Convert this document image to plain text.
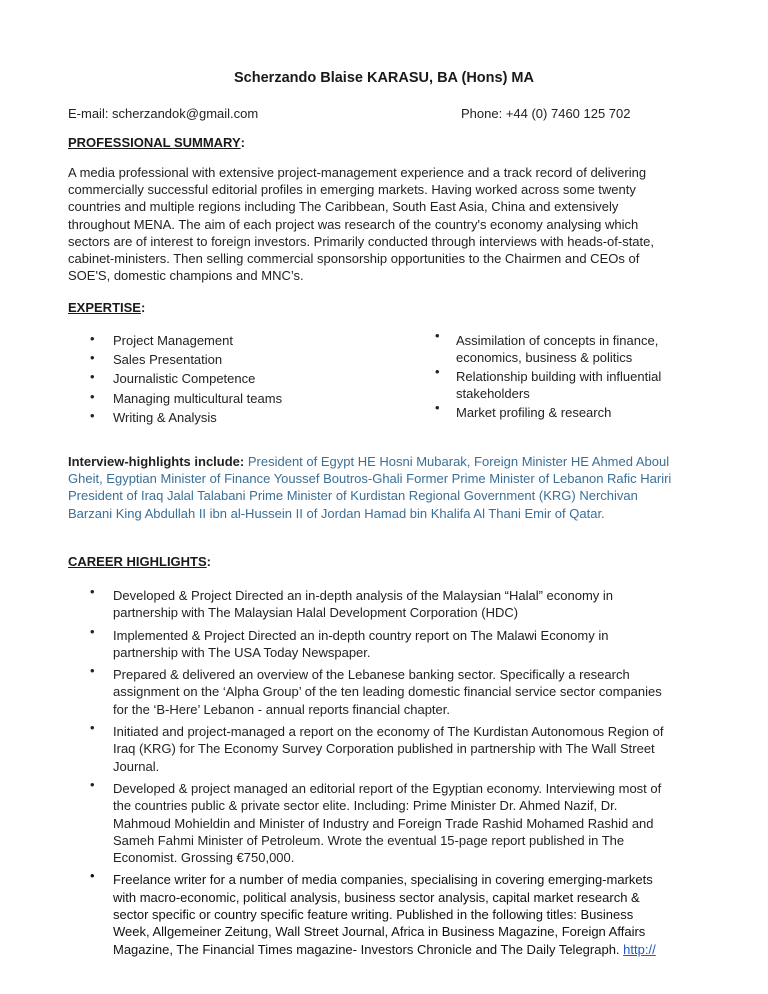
Scherzando Blaise KARASU, BA (Hons) MA
E-mail: scherzandok@gmail.com	Phone: +44 (0) 7460 125 702
PROFESSIONAL SUMMARY:
A media professional with extensive project-management experience and a track record of delivering
commercially successful editorial profiles in emerging markets. Having worked across some twenty
countries and multiple regions including The Caribbean, South East Asia, China and extensively
throughout MENA. The aim of each project was research of the country's economy analysing which
sectors are of interest to foreign investors. Primarily conducted through interviews with heads-of-state,
cabinet-ministers. Then selling commercial sponsorship opportunities to the Chairmen and CEOs of
SOE'S, domestic champions and MNC’s.
EXPERTISE:
• Project Management
• Sales Presentation
• Journalistic Competence
• Managing multicultural teams
• Writing & Analysis
• Assimilation of concepts in finance,
economics, business & politics
• Relationship building with influential
stakeholders
• Market profiling & research
Interview-highlights include: President of Egypt HE Hosni Mubarak, Foreign Minister HE Ahmed Aboul Gheit, Egyptian Minister of Finance Youssef Boutros-Ghali Former Prime Minister of Lebanon Rafic Hariri President of Iraq Jalal Talabani Prime Minister of Kurdistan Regional Government (KRG) Nerchivan Barzani King Abdullah II ibn al-Hussein II of Jordan Hamad bin Khalifa Al Thani Emir of Qatar.
CAREER HIGHLIGHTS:
• Developed & Project Directed an in-depth analysis of the Malaysian “Halal” economy in
partnership with The Malaysian Halal Development Corporation (HDC)
• Implemented & Project Directed an in-depth country report on The Malawi Economy in
partnership with The USA Today Newspaper.
• Prepared & delivered an overview of the Lebanese banking sector. Specifically a research
assignment on the ‘Alpha Group’ of the ten leading domestic financial service sector companies
for the ‘B-Here’ Lebanon - annual reports financial chapter.
• Initiated and project-managed a report on the economy of The Kurdistan Autonomous Region of
Iraq (KRG) for The Economy Survey Corporation published in partnership with The Wall Street
Journal.
• Developed & project managed an editorial report of the Egyptian economy. Interviewing most of
the countries public & private sector elite. Including: Prime Minister Dr. Ahmed Nazif, Dr.
Mahmoud Mohieldin and Minister of Industry and Foreign Trade Rashid Mohamed Rashid and
Sameh Fahmi Minister of Petroleum. Wrote the eventual 15-page report published in The
Economist. Grossing €750,000.
• Freelance writer for a number of media companies, specialising in covering emerging-markets
with macro-economic, political analysis, business sector analysis, capital market research &
sector specific or country specific feature writing. Published in the following titles: Business
Week, Allgemeiner Zeitung, Wall Street Journal, Africa in Business Magazine, Foreign Affairs
Magazine, The Financial Times magazine- Investors Chronicle and The Daily Telegraph. http://
